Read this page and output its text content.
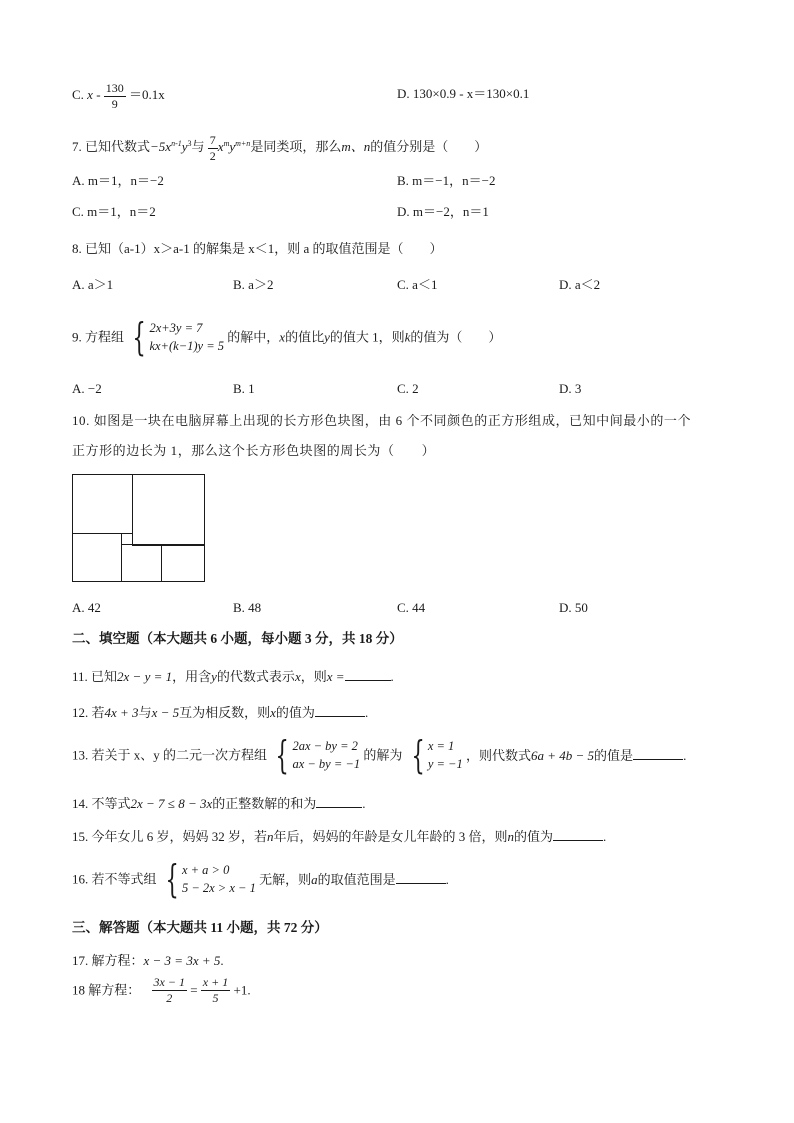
C. $x - \frac{130}{9} =0.1x$	D. 130×0.9 - x＝130×0.1
7. 已知代数式$-5x^{n-1}y^3$与 $\frac{7}{2} x^my^{m+n}$是同类项，那么m、n的值分别是（　　）
A. m＝1，n＝−2	B. m＝−1，n＝−2
C. m＝1，n＝2	D. m＝−2，n＝1
8. 已知（a-1）x＞a-1 的解集是 x＜1，则 a 的取值范围是（　　）
A. a＞1	B. a＞2	C. a＜1	D. a＜2
9. 方程组 { 2x+3y = 7
kx+(k−1)y = 5
的解中，x的值比y的值大 1，则k的值为（　　）
A. −2	B. 1	C. 2	D. 3
10. 如图是一块在电脑屏幕上出现的长方形色块图，由 6 个不同颜色的正方形组成，已知中间最小的一个
正方形的边长为 1，那么这个长方形色块图的周长为（　　）
A. 42	B. 48	C. 44	D. 50
二、填空题（本大题共 6 小题，每小题 3 分，共 18 分）
11. 已知2x − y = 1，用含y的代数式表示x，则x =	.
12. 若4x + 3与x − 5互为相反数，则x的值为	.
13. 若关于 x、y 的二元一次方程组 { 2ax − by = 2
ax − by = −1
的解为 { x = 1
y = −1
，则代数式6a + 4b − 5的值是	.
14. 不等式2x − 7 ≤ 8 − 3x的正整数解的和为	.
15. 今年女儿 6 岁，妈妈 32 岁，若n年后，妈妈的年龄是女儿年龄的 3 倍，则n的值为	.
16. 若不等式组 { x + a > 0
5 − 2x > x − 1
无解，则a的取值范围是	.
三、解答题（本大题共 11 小题，共 72 分）
17. 解方程：x − 3 = 3x + 5.
18 解方程： $\frac{3x - 1}{2} = \frac{x + 1}{5} +1$.
